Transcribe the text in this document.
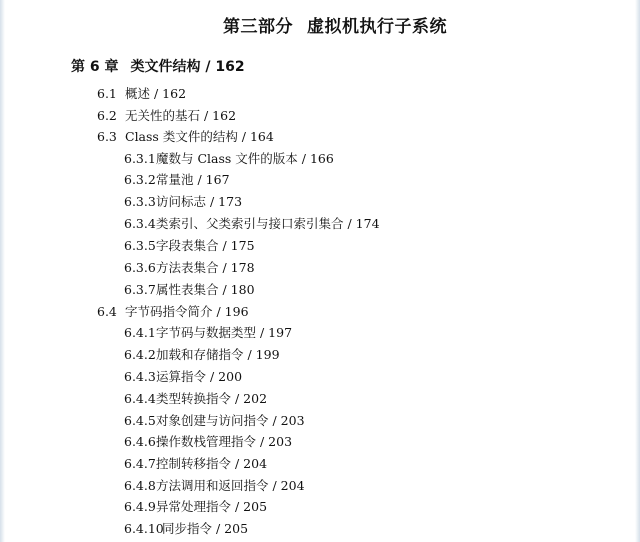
第三部分 虚拟机执行子系统
第 6 章 类文件结构 / 162
6.1 概述 / 162
6.2 无关性的基石 / 162
6.3 Class 类文件的结构 / 164
6.3.1魔数与 Class 文件的版本 / 166
6.3.2常量池 / 167
6.3.3访问标志 / 173
6.3.4类索引、父类索引与接口索引集合 / 174
6.3.5字段表集合 / 175
6.3.6方法表集合 / 178
6.3.7属性表集合 / 180
6.4 字节码指令简介 / 196
6.4.1字节码与数据类型 / 197
6.4.2加载和存储指令 / 199
6.4.3运算指令 / 200
6.4.4类型转换指令 / 202
6.4.5对象创建与访问指令 / 203
6.4.6操作数栈管理指令 / 203
6.4.7控制转移指令 / 204
6.4.8方法调用和返回指令 / 204
6.4.9异常处理指令 / 205
6.4.10同步指令 / 205
